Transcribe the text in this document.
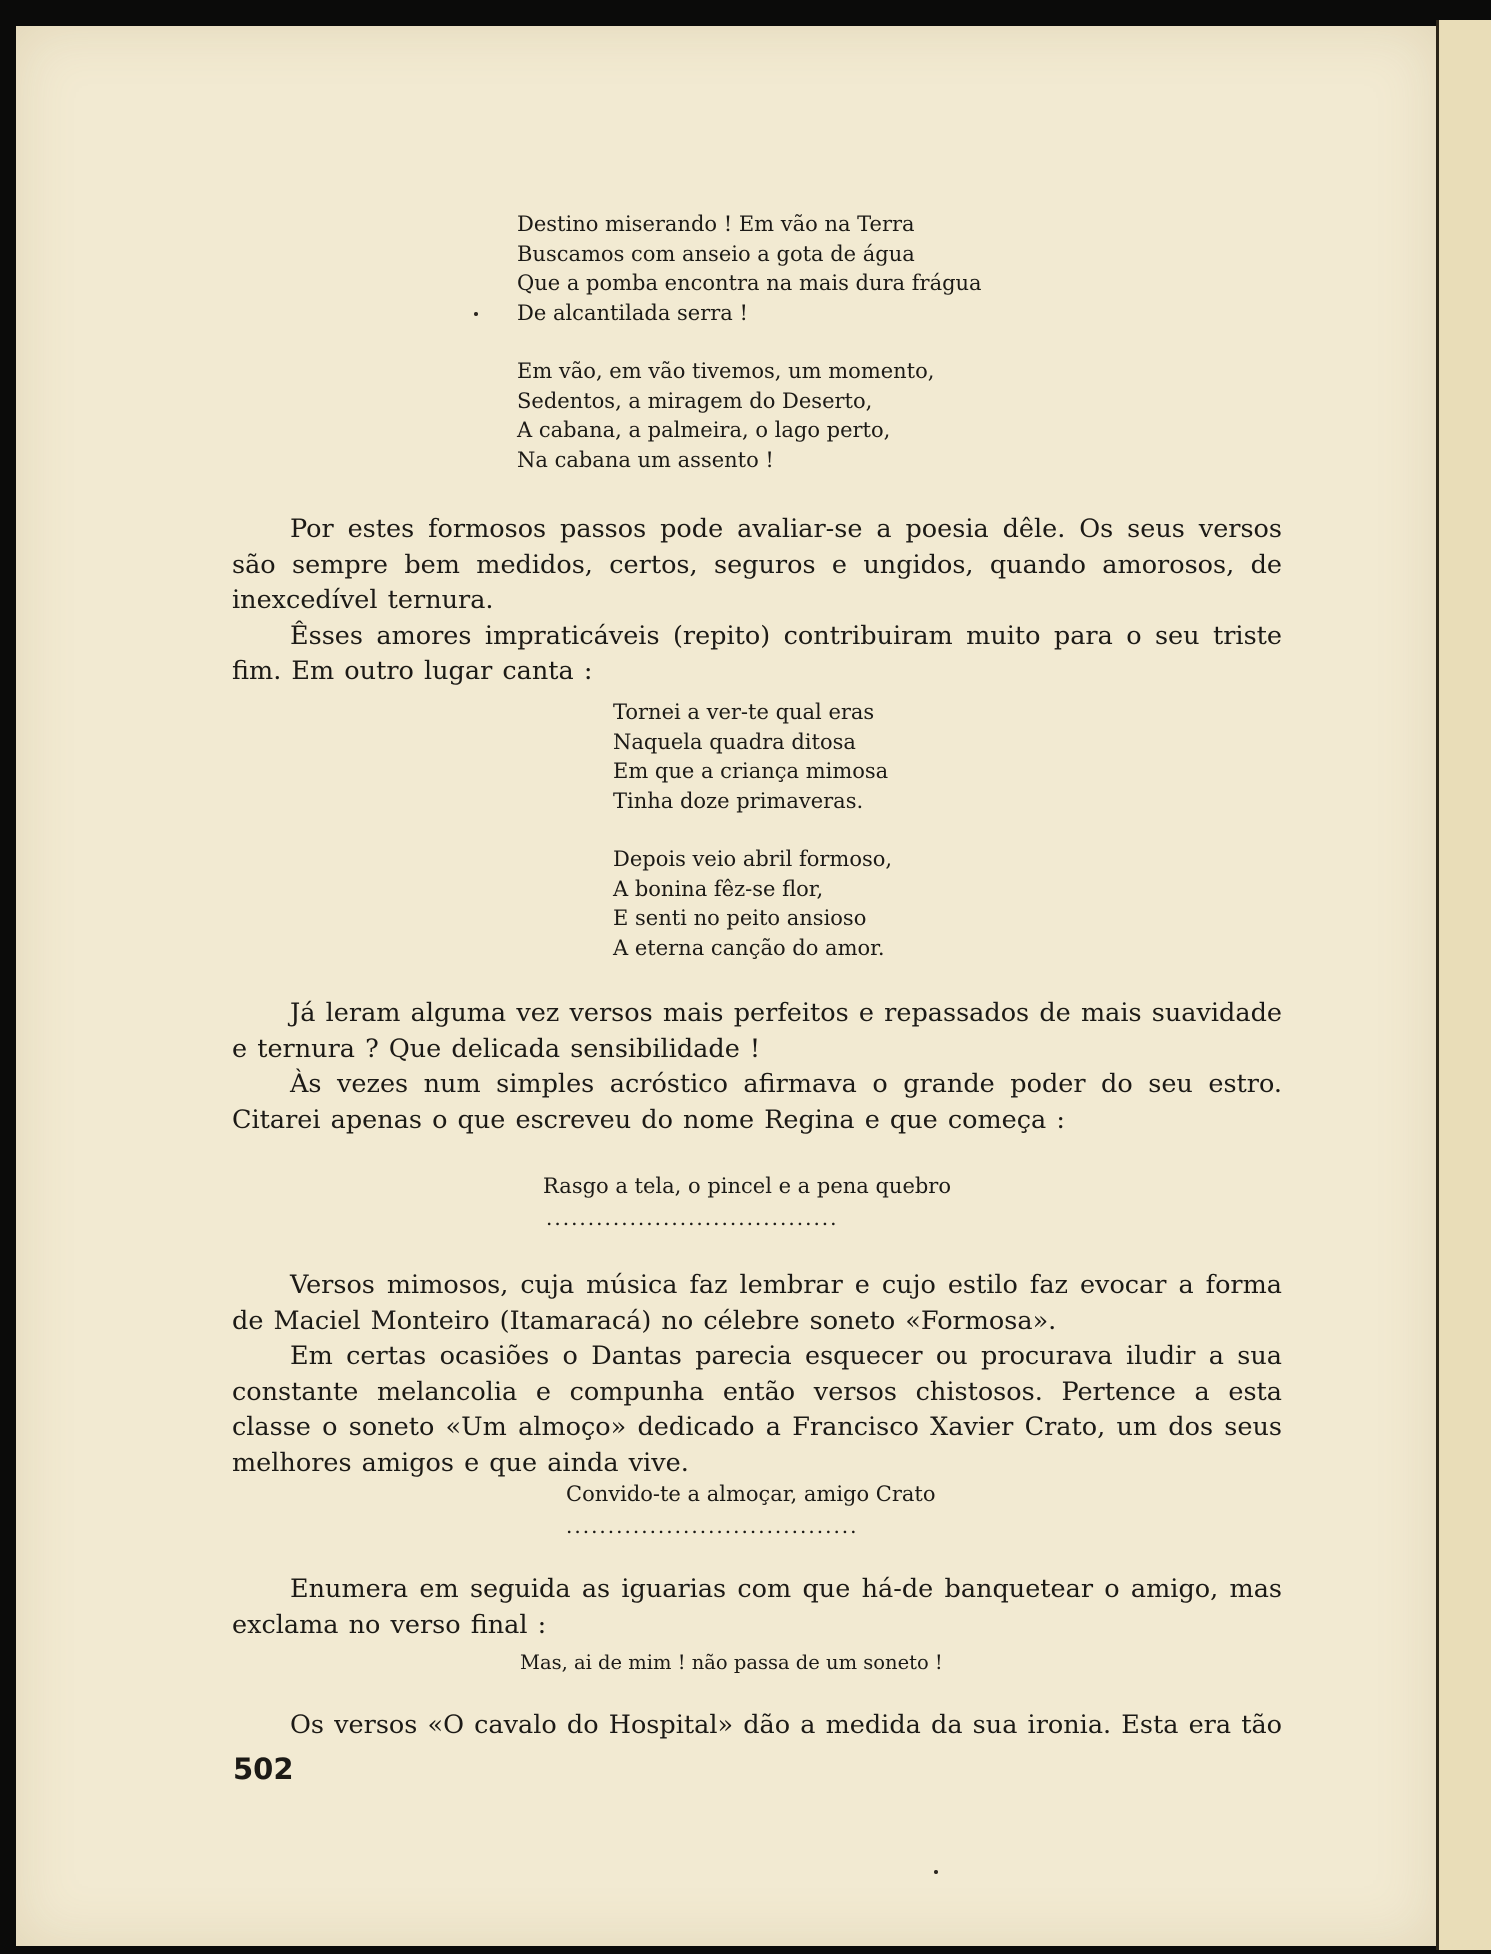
Destino miserando ! Em vão na Terra
Buscamos com anseio a gota de água
Que a pomba encontra na mais dura frágua
De alcantilada serra !
Em vão, em vão tivemos, um momento,
Sedentos, a miragem do Deserto,
A cabana, a palmeira, o lago perto,
Na cabana um assento !

Por estes formosos passos pode avaliar-se a poesia dêle. Os seus versos são sempre bem medidos, certos, seguros e ungidos, quando amorosos, de inexcedível ternura.

Êsses amores impraticáveis (repito) contribuiram muito para o seu triste fim. Em outro lugar canta :

Tornei a ver-te qual eras
Naquela quadra ditosa
Em que a criança mimosa
Tinha doze primaveras.
Depois veio abril formoso,
A bonina fêz-se flor,
E senti no peito ansioso
A eterna canção do amor.

Já leram alguma vez versos mais perfeitos e repassados de mais suavidade e ternura ? Que delicada sensibilidade !

Às vezes num simples acróstico afirmava o grande poder do seu estro. Citarei apenas o que escreveu do nome Regina e que começa :

Rasgo a tela, o pincel e a pena quebro
...................................

Versos mimosos, cuja música faz lembrar e cujo estilo faz evocar a forma de Maciel Monteiro (Itamaracá) no célebre soneto «Formosa».

Em certas ocasiões o Dantas parecia esquecer ou procurava iludir a sua constante melancolia e compunha então versos chistosos. Pertence a esta classe o soneto «Um almoço» dedicado a Francisco Xavier Crato, um dos seus melhores amigos e que ainda vive.

Convido-te a almoçar, amigo Crato
...................................

Enumera em seguida as iguarias com que há-de banquetear o amigo, mas exclama no verso final :

Mas, ai de mim ! não passa de um soneto !

Os versos «O cavalo do Hospital» dão a medida da sua ironia. Esta era tão

502
